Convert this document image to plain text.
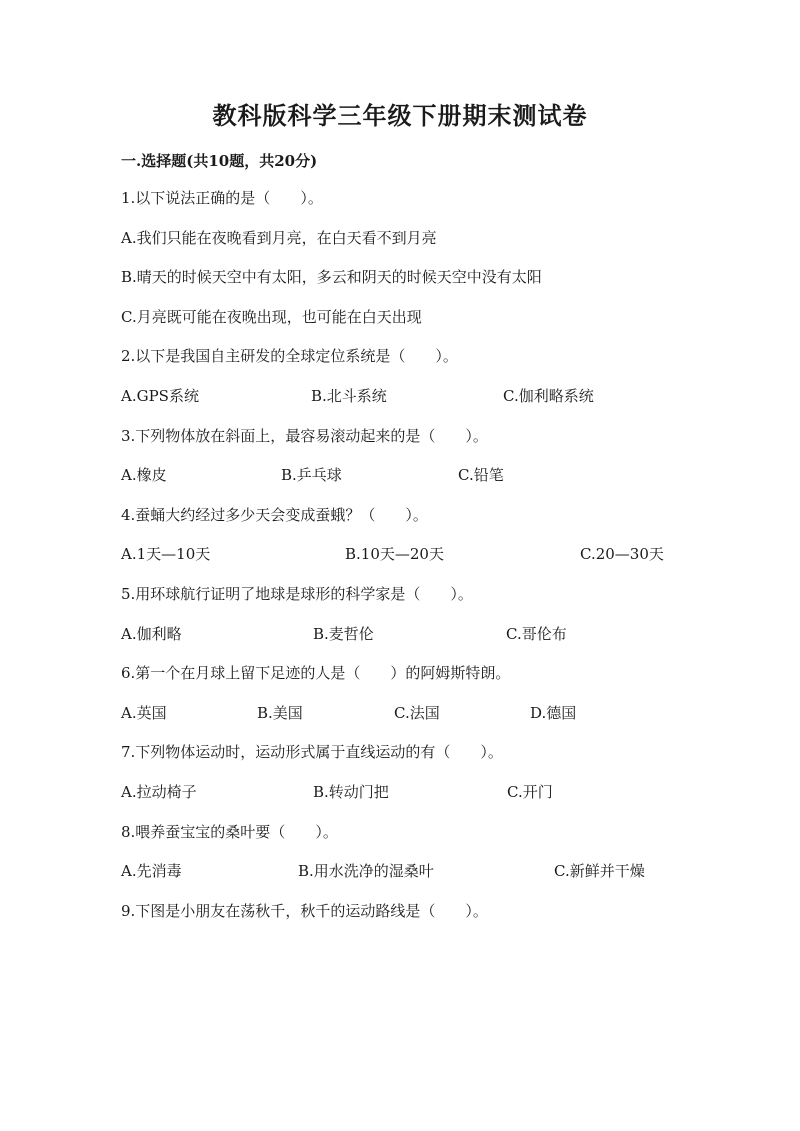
教科版科学三年级下册期末测试卷
一.选择题(共10题，共20分)
1.以下说法正确的是（　　）。
A.我们只能在夜晚看到月亮，在白天看不到月亮
B.晴天的时候天空中有太阳，多云和阴天的时候天空中没有太阳
C.月亮既可能在夜晚出现，也可能在白天出现
2.以下是我国自主研发的全球定位系统是（　　）。
A.GPS系统	B.北斗系统	C.伽利略系统
3.下列物体放在斜面上，最容易滚动起来的是（　　）。
A.橡皮	B.乒乓球	C.铅笔
4.蚕蛹大约经过多少天会变成蚕蛾？（　　）。
A.1天—10天	B.10天—20天	C.20—30天
5.用环球航行证明了地球是球形的科学家是（　　）。
A.伽利略	B.麦哲伦	C.哥伦布
6.第一个在月球上留下足迹的人是（　　）的阿姆斯特朗。
A.英国	B.美国	C.法国	D.德国
7.下列物体运动时，运动形式属于直线运动的有（　　）。
A.拉动椅子	B.转动门把	C.开门
8.喂养蚕宝宝的桑叶要（　　）。
A.先消毒	B.用水洗净的湿桑叶	C.新鲜并干燥
9.下图是小朋友在荡秋千，秋千的运动路线是（　　）。
